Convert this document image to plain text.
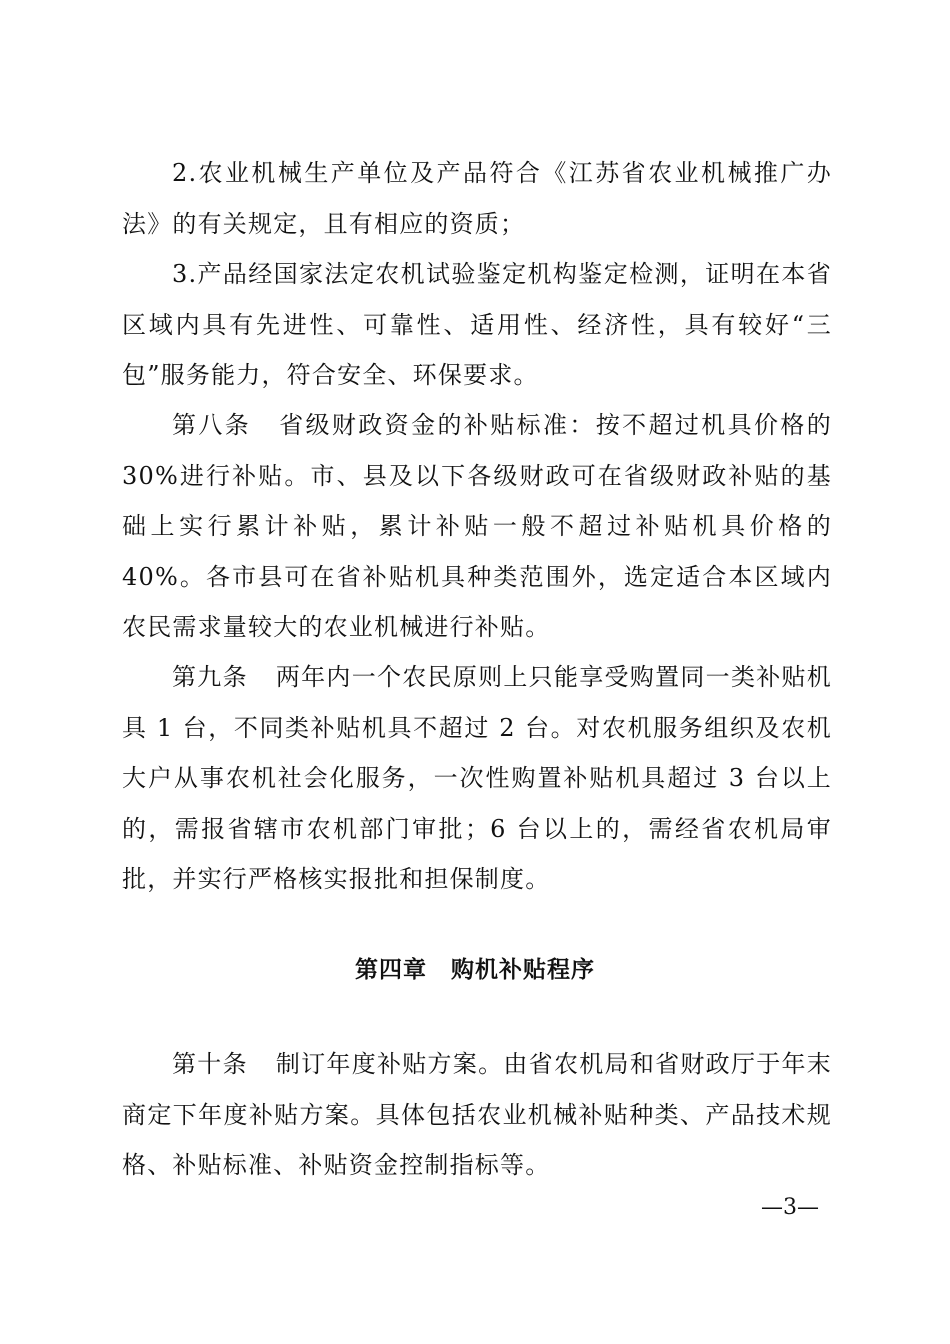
2.农业机械生产单位及产品符合《江苏省农业机械推广办法》的有关规定，且有相应的资质；

3.产品经国家法定农机试验鉴定机构鉴定检测，证明在本省区域内具有先进性、可靠性、适用性、经济性，具有较好“三包”服务能力，符合安全、环保要求。

第八条 省级财政资金的补贴标准：按不超过机具价格的 30%进行补贴。市、县及以下各级财政可在省级财政补贴的基础上实行累计补贴，累计补贴一般不超过补贴机具价格的 40%。各市县可在省补贴机具种类范围外，选定适合本区域内农民需求量较大的农业机械进行补贴。

第九条 两年内一个农民原则上只能享受购置同一类补贴机具 1 台，不同类补贴机具不超过 2 台。对农机服务组织及农机大户从事农机社会化服务，一次性购置补贴机具超过 3 台以上的，需报省辖市农机部门审批；6 台以上的，需经省农机局审批，并实行严格核实报批和担保制度。

第四章　购机补贴程序

第十条 制订年度补贴方案。由省农机局和省财政厅于年末商定下年度补贴方案。具体包括农业机械补贴种类、产品技术规格、补贴标准、补贴资金控制指标等。

—3—
